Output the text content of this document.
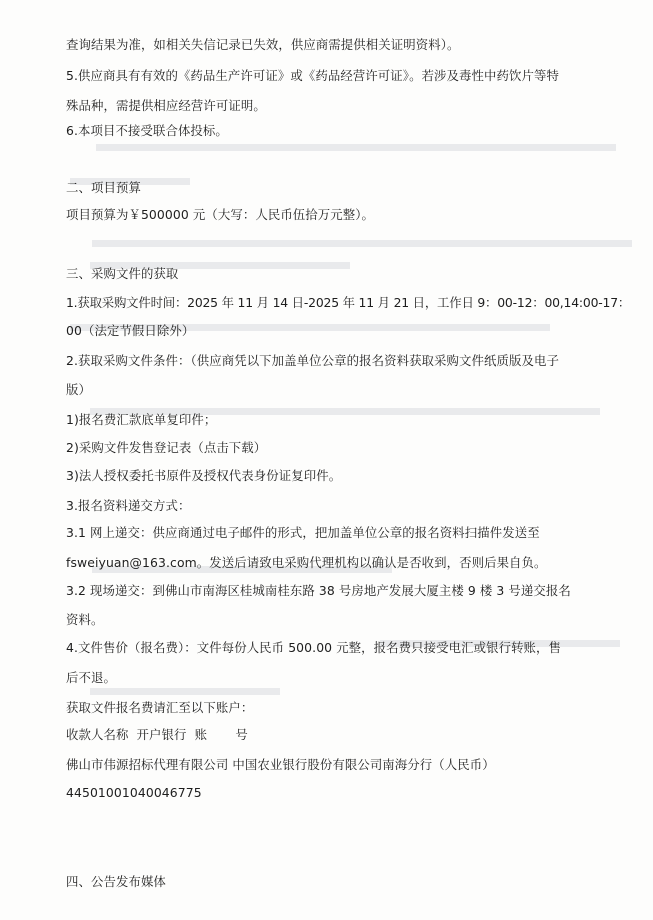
查询结果为准，如相关失信记录已失效，供应商需提供相关证明资料）。
5.供应商具有有效的《药品生产许可证》或《药品经营许可证》。若涉及毒性中药饮片等特
殊品种，需提供相应经营许可证明。
6.本项目不接受联合体投标。
二、项目预算
项目预算为￥500000 元（大写：人民币伍拾万元整）。
三、采购文件的获取
1.获取采购文件时间：2025 年 11 月 14 日-2025 年 11 月 21 日，工作日 9：00-12：00,14:00-17：
00（法定节假日除外）
2.获取采购文件条件：（供应商凭以下加盖单位公章的报名资料获取采购文件纸质版及电子
版）
1)报名费汇款底单复印件；
2)采购文件发售登记表（点击下载）
3)法人授权委托书原件及授权代表身份证复印件。
3.报名资料递交方式：
3.1 网上递交：供应商通过电子邮件的形式，把加盖单位公章的报名资料扫描件发送至
fsweiyuan@163.com。发送后请致电采购代理机构以确认是否收到，否则后果自负。
3.2 现场递交：到佛山市南海区桂城南桂东路 38 号房地产发展大厦主楼 9 楼 3 号递交报名
资料。
4.文件售价（报名费）：文件每份人民币 500.00 元整，报名费只接受电汇或银行转账，售
后不退。
获取文件报名费请汇至以下账户：
收款人名称  开户银行  账       号
佛山市伟源招标代理有限公司 中国农业银行股份有限公司南海分行（人民币）
44501001040046775
四、公告发布媒体
